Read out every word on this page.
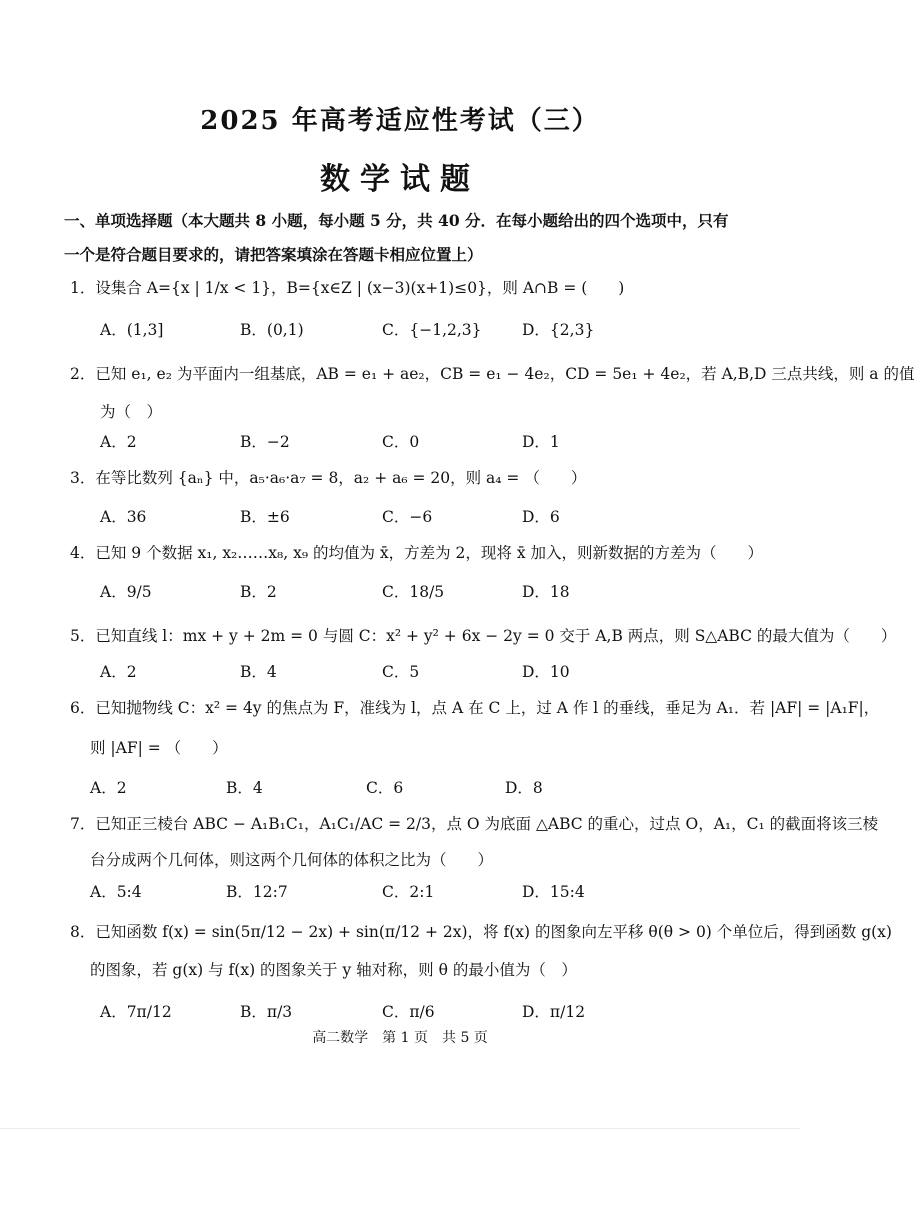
2025 年高考适应性考试（三）
数学试题
一、单项选择题（本大题共 8 小题，每小题 5 分，共 40 分．在每小题给出的四个选项中，只有一个是符合题目要求的，请把答案填涂在答题卡相应位置上）
1．设集合 A={x | 1/x < 1}，B={x∈Z | (x−3)(x+1)≤0}，则 A∩B = (　　)
A．(1,3]	B．(0,1)	C．{−1,2,3}	D．{2,3}
2．已知 e₁, e₂ 为平面内一组基底，AB = e₁ + ae₂，CB = e₁ − 4e₂，CD = 5e₁ + 4e₂，若 A,B,D 三点共线，则 a 的值
为（　）
A．2	B．−2	C．0	D．1
3．在等比数列 {aₙ} 中，a₅·a₆·a₇ = 8，a₂ + a₆ = 20，则 a₄ = （　　）
A．36	B．±6	C．−6	D．6
4．已知 9 个数据 x₁, x₂……x₈, x₉ 的均值为 x̄，方差为 2，现将 x̄ 加入，则新数据的方差为（　　）
A．9/5	B．2	C．18/5	D．18
5．已知直线 l：mx + y + 2m = 0 与圆 C：x² + y² + 6x − 2y = 0 交于 A,B 两点，则 S△ABC 的最大值为（　　）
A．2	B．4	C．5	D．10
6．已知抛物线 C：x² = 4y 的焦点为 F，准线为 l，点 A 在 C 上，过 A 作 l 的垂线，垂足为 A₁．若 |AF| = |A₁F|，
则 |AF| = （　　）
A．2	B．4	C．6	D．8
7．已知正三棱台 ABC − A₁B₁C₁，A₁C₁/AC = 2/3，点 O 为底面 △ABC 的重心，过点 O，A₁，C₁ 的截面将该三棱
台分成两个几何体，则这两个几何体的体积之比为（　　）
A．5:4	B．12:7	C．2:1	D．15:4
8．已知函数 f(x) = sin(5π/12 − 2x) + sin(π/12 + 2x)，将 f(x) 的图象向左平移 θ(θ > 0) 个单位后，得到函数 g(x)
的图象，若 g(x) 与 f(x) 的图象关于 y 轴对称，则 θ 的最小值为（　）
A．7π/12	B．π/3	C．π/6	D．π/12
高二数学　第 1 页　共 5 页
